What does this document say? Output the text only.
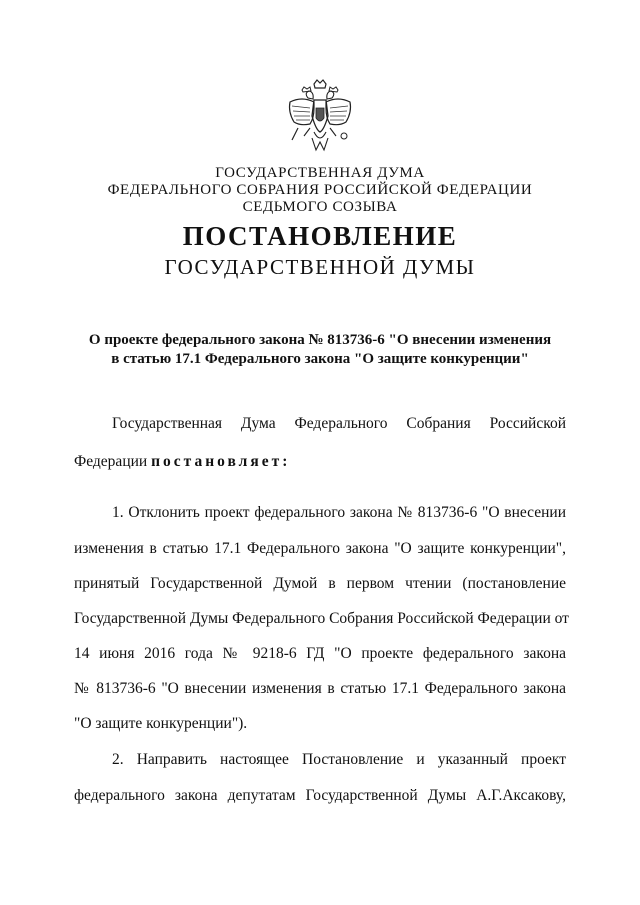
ГОСУДАРСТВЕННАЯ ДУМА
ФЕДЕРАЛЬНОГО СОБРАНИЯ РОССИЙСКОЙ ФЕДЕРАЦИИ
СЕДЬМОГО СОЗЫВА
ПОСТАНОВЛЕНИЕ
ГОСУДАРСТВЕННОЙ ДУМЫ
О проекте федерального закона № 813736-6 "О внесении изменения
в статью 17.1 Федерального закона "О защите конкуренции"
Государственная Дума Федерального Собрания Российской
Федерации постановляет:
1. Отклонить проект федерального закона № 813736-6 "О внесении
изменения в статью 17.1 Федерального закона "О защите конкуренции",
принятый Государственной Думой в первом чтении (постановление
Государственной Думы Федерального Собрания Российской Федерации от
14 июня 2016 года № 9218-6 ГД "О проекте федерального закона
№ 813736-6 "О внесении изменения в статью 17.1 Федерального закона
"О защите конкуренции").
2. Направить настоящее Постановление и указанный проект
федерального закона депутатам Государственной Думы А.Г.Аксакову,
